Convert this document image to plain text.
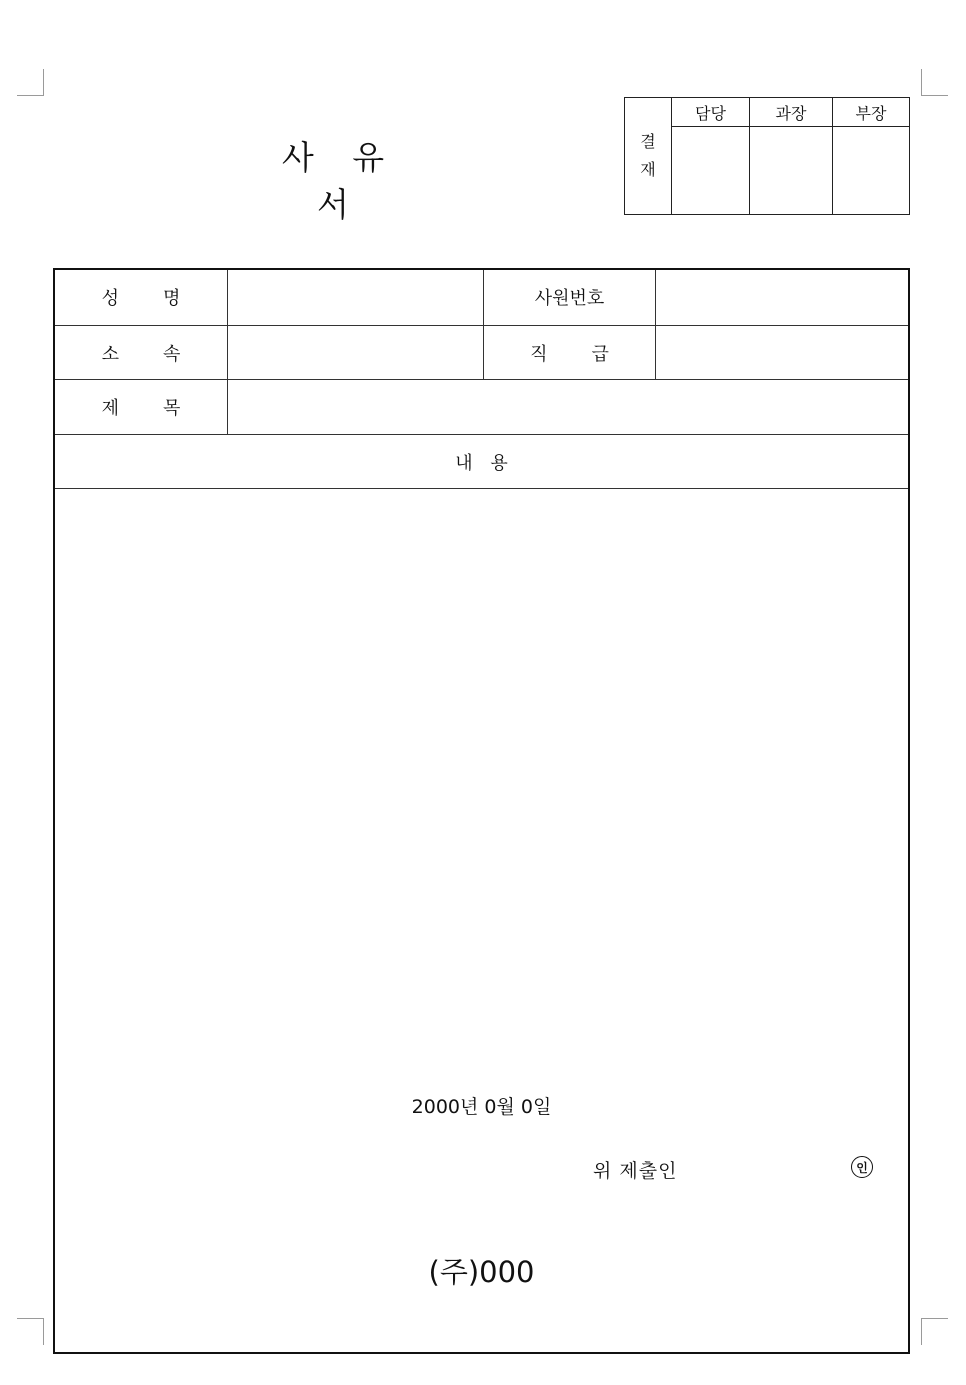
사 유 서
결
재
담당	과장	부장
성명	사원번호
소속	직급
제목
내 용
2000년 0월 0일
위 제출인	인
(주)000
